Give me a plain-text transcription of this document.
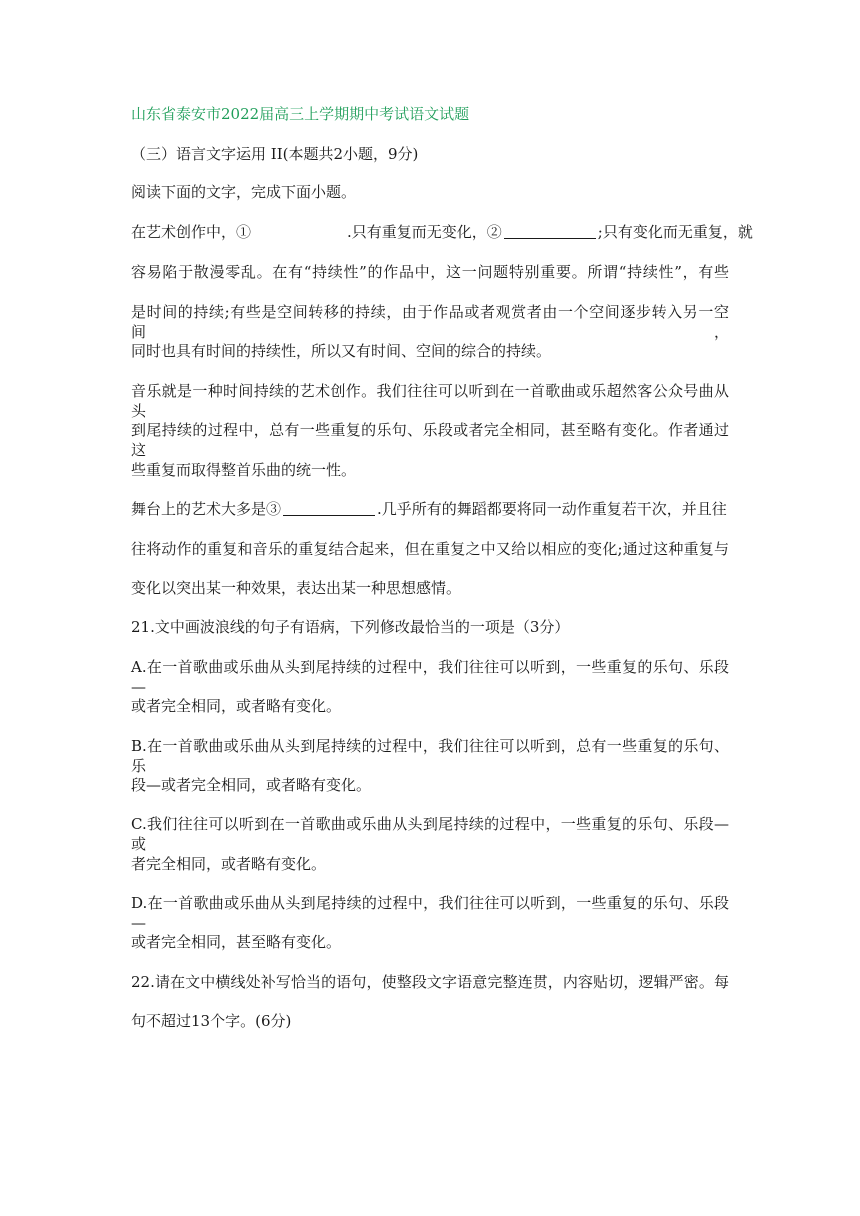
山东省泰安市2022届高三上学期期中考试语文试题
（三）语言文字运用 II(本题共2小题，9分)
阅读下面的文字，完成下面小题。
在艺术创作中，①	.只有重复而无变化，②	;只有变化而无重复，就
容易陷于散漫零乱。在有“持续性”的作品中，这一问题特别重要。所谓“持续性”，有些
是时间的持续;有些是空间转移的持续，由于作品或者观赏者由一个空间逐步转入另一空间，
同时也具有时间的持续性，所以又有时间、空间的综合的持续。
音乐就是一种时间持续的艺术创作。我们往往可以听到在一首歌曲或乐超然客公众号曲从头
到尾持续的过程中，总有一些重复的乐句、乐段或者完全相同，甚至略有变化。作者通过这
些重复而取得整首乐曲的统一性。
舞台上的艺术大多是③	.几乎所有的舞蹈都要将同一动作重复若干次，并且往
往将动作的重复和音乐的重复结合起来，但在重复之中又给以相应的变化;通过这种重复与
变化以突出某一种效果，表达出某一种思想感情。
21.文中画波浪线的句子有语病，下列修改最恰当的一项是（3分）
A.在一首歌曲或乐曲从头到尾持续的过程中，我们往往可以听到，一些重复的乐句、乐段—
或者完全相同，或者略有变化。
B.在一首歌曲或乐曲从头到尾持续的过程中，我们往往可以听到，总有一些重复的乐句、乐
段—或者完全相同，或者略有变化。
C.我们往往可以听到在一首歌曲或乐曲从头到尾持续的过程中，一些重复的乐句、乐段—或
者完全相同，或者略有变化。
D.在一首歌曲或乐曲从头到尾持续的过程中，我们往往可以听到，一些重复的乐句、乐段—
或者完全相同，甚至略有变化。
22.请在文中横线处补写恰当的语句，使整段文字语意完整连贯，内容贴切，逻辑严密。每
句不超过13个字。(6分)
